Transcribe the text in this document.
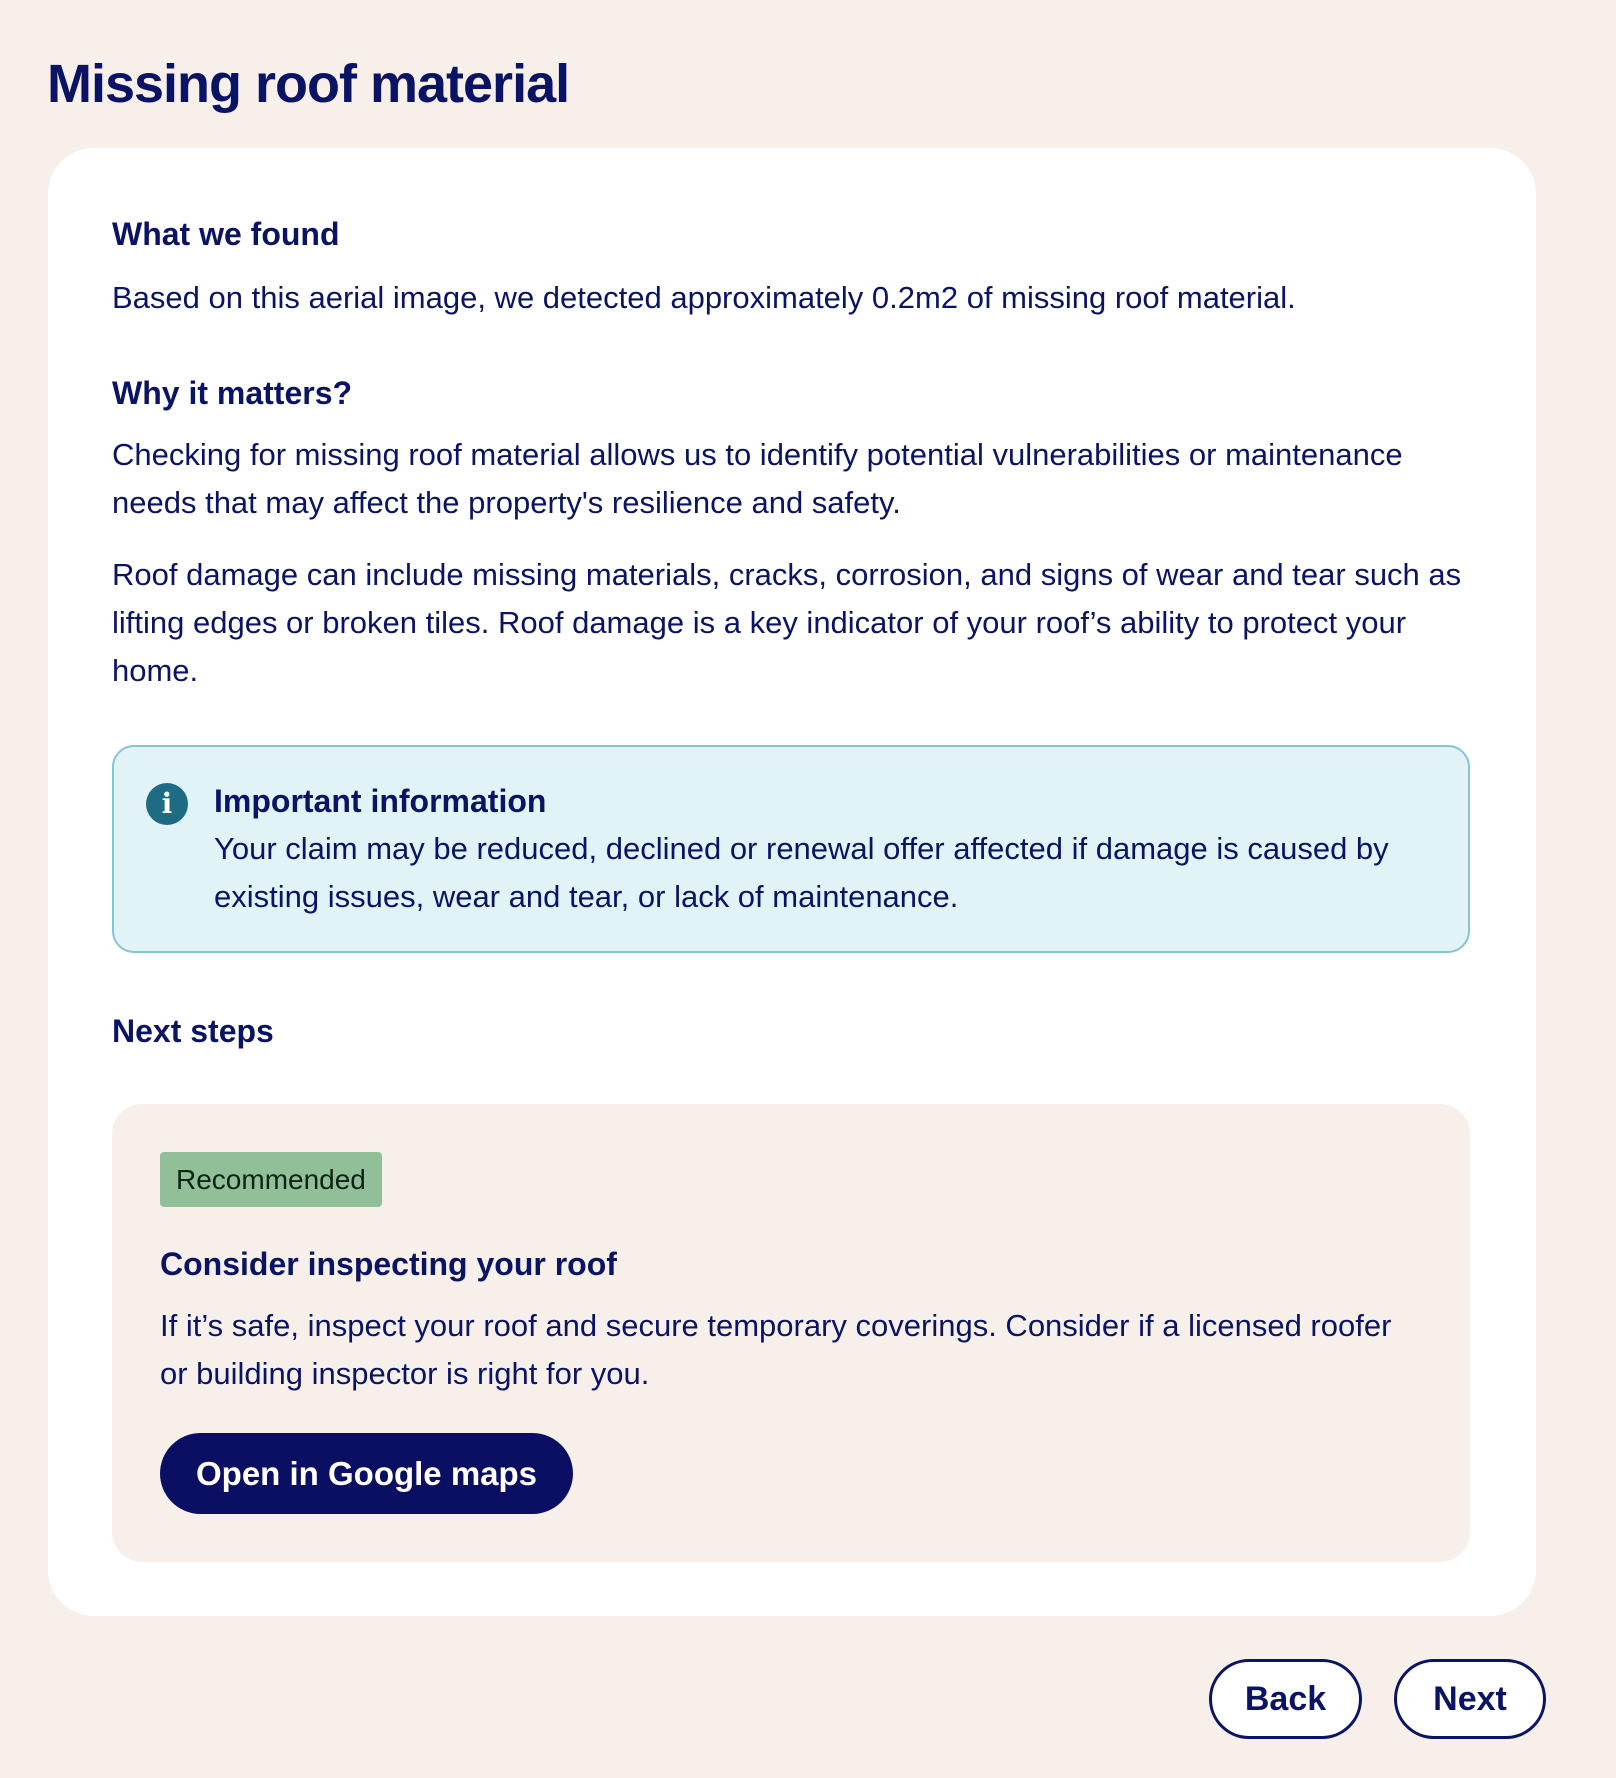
Missing roof material
What we found

Based on this aerial image, we detected approximately 0.2m2 of missing roof material.

Why it matters?

Checking for missing roof material allows us to identify potential vulnerabilities or maintenance needs that may affect the property's resilience and safety.

Roof damage can include missing materials, cracks, corrosion, and signs of wear and tear such as lifting edges or broken tiles. Roof damage is a key indicator of your roof’s ability to protect your home.

Next steps
i	Important information

Your claim may be reduced, declined or renewal offer affected if damage is caused by existing issues, wear and tear, or lack of maintenance.

Recommended
Consider inspecting your roof

If it’s safe, inspect your roof and secure temporary coverings. Consider if a licensed roofer or building inspector is right for you.

Open in Google maps
Back	Next
